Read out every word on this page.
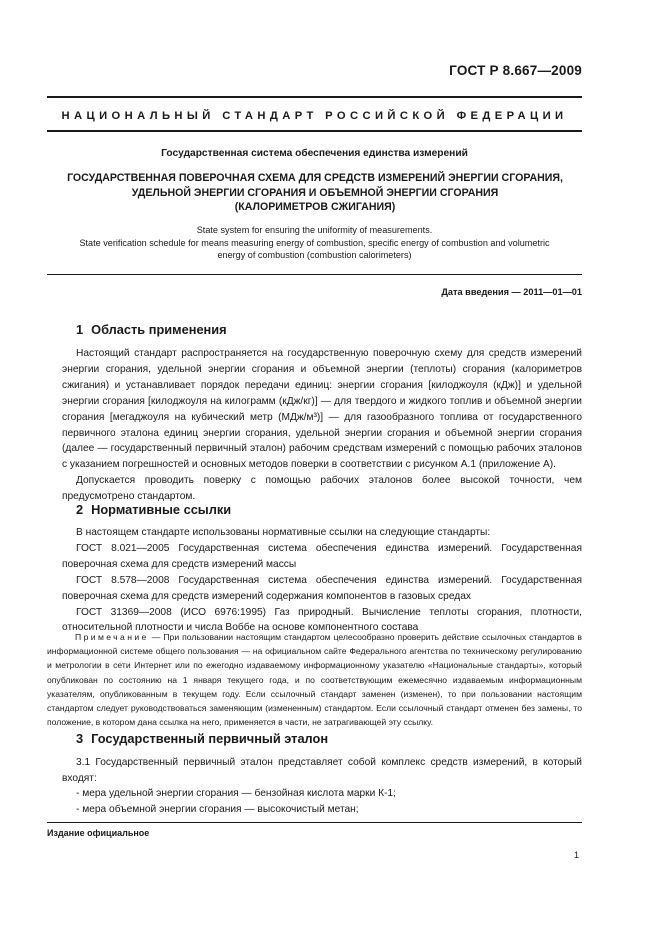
ГОСТ Р 8.667—2009
НАЦИОНАЛЬНЫЙ СТАНДАРТ РОССИЙСКОЙ ФЕДЕРАЦИИ
Государственная система обеспечения единства измерений
ГОСУДАРСТВЕННАЯ ПОВЕРОЧНАЯ СХЕМА ДЛЯ СРЕДСТВ ИЗМЕРЕНИЙ ЭНЕРГИИ СГОРАНИЯ,
УДЕЛЬНОЙ ЭНЕРГИИ СГОРАНИЯ И ОБЪЕМНОЙ ЭНЕРГИИ СГОРАНИЯ
(КАЛОРИМЕТРОВ СЖИГАНИЯ)
State system for ensuring the uniformity of measurements.
State verification schedule for means measuring energy of combustion, specific energy of combustion and volumetric
energy of combustion (combustion calorimeters)
Дата введения — 2011—01—01
1 Область применения

Настоящий стандарт распространяется на государственную поверочную схему для средств измерений энергии сгорания, удельной энергии сгорания и объемной энергии (теплоты) сгорания (калориметров сжигания) и устанавливает порядок передачи единиц: энергии сгорания [килоджоуля (кДж)] и удельной энергии сгорания [килоджоуля на килограмм (кДж/кг)] — для твердого и жидкого топлив и объемной энергии сгорания [мегаджоуля на кубический метр (МДж/м³)] — для газообразного топлива от государственного первичного эталона единиц энергии сгорания, удельной энергии сгорания и объемной энергии сгорания (далее — государственный первичный эталон) рабочим средствам измерений с помощью рабочих эталонов с указанием погрешностей и основных методов поверки в соответствии с рисунком А.1 (приложение А).

Допускается проводить поверку с помощью рабочих эталонов более высокой точности, чем предусмотрено стандартом.

2 Нормативные ссылки

В настоящем стандарте использованы нормативные ссылки на следующие стандарты:

ГОСТ 8.021—2005 Государственная система обеспечения единства измерений. Государственная поверочная схема для средств измерений массы

ГОСТ 8.578—2008 Государственная система обеспечения единства измерений. Государственная поверочная схема для средств измерений содержания компонентов в газовых средах

ГОСТ 31369—2008 (ИСО 6976:1995) Газ природный. Вычисление теплоты сгорания, плотности, относительной плотности и числа Воббе на основе компонентного состава

Примечание — При пользовании настоящим стандартом целесообразно проверить действие ссылочных стандартов в информационной системе общего пользования — на официальном сайте Федерального агентства по техническому регулированию и метрологии в сети Интернет или по ежегодно издаваемому информационному указателю «Национальные стандарты», который опубликован по состоянию на 1 января текущего года, и по соответствующим ежемесячно издаваемым информационным указателям, опубликованным в текущем году. Если ссылочный стандарт заменен (изменен), то при пользовании настоящим стандартом следует руководствоваться заменяющим (измененным) стандартом. Если ссылочный стандарт отменен без замены, то положение, в котором дана ссылка на него, применяется в части, не затрагивающей эту ссылку.

3 Государственный первичный эталон

3.1 Государственный первичный эталон представляет собой комплекс средств измерений, в который входят:

- мера удельной энергии сгорания — бензойная кислота марки К-1;

- мера объемной энергии сгорания — высокочистый метан;

Издание официальное
1
